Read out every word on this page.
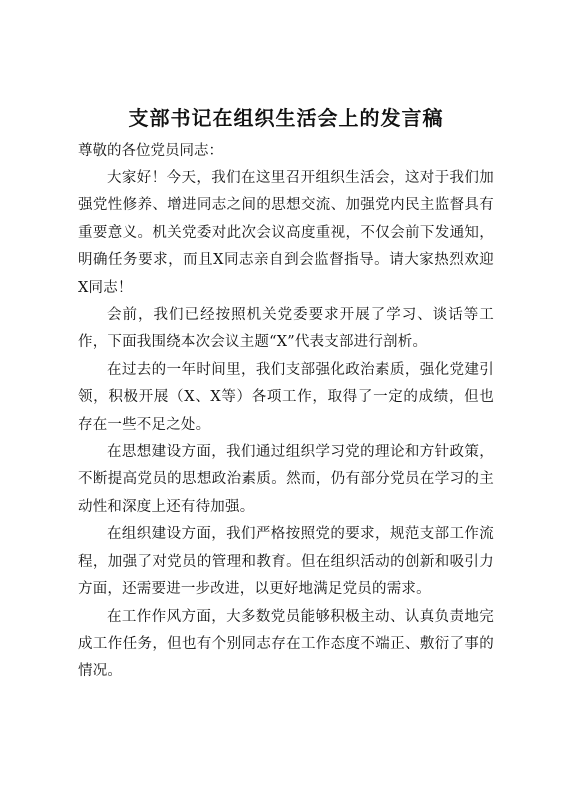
支部书记在组织生活会上的发言稿

尊敬的各位党员同志：

大家好！今天，我们在这里召开组织生活会，这对于我们加强党性修养、增进同志之间的思想交流、加强党内民主监督具有重要意义。机关党委对此次会议高度重视，不仅会前下发通知，明确任务要求，而且X同志亲自到会监督指导。请大家热烈欢迎X同志！

会前，我们已经按照机关党委要求开展了学习、谈话等工作，下面我围绕本次会议主题“X”代表支部进行剖析。

在过去的一年时间里，我们支部强化政治素质，强化党建引领，积极开展（X、X等）各项工作，取得了一定的成绩，但也存在一些不足之处。

在思想建设方面，我们通过组织学习党的理论和方针政策，不断提高党员的思想政治素质。然而，仍有部分党员在学习的主动性和深度上还有待加强。

在组织建设方面，我们严格按照党的要求，规范支部工作流程，加强了对党员的管理和教育。但在组织活动的创新和吸引力方面，还需要进一步改进，以更好地满足党员的需求。

在工作作风方面，大多数党员能够积极主动、认真负责地完成工作任务，但也有个别同志存在工作态度不端正、敷衍了事的情况。
